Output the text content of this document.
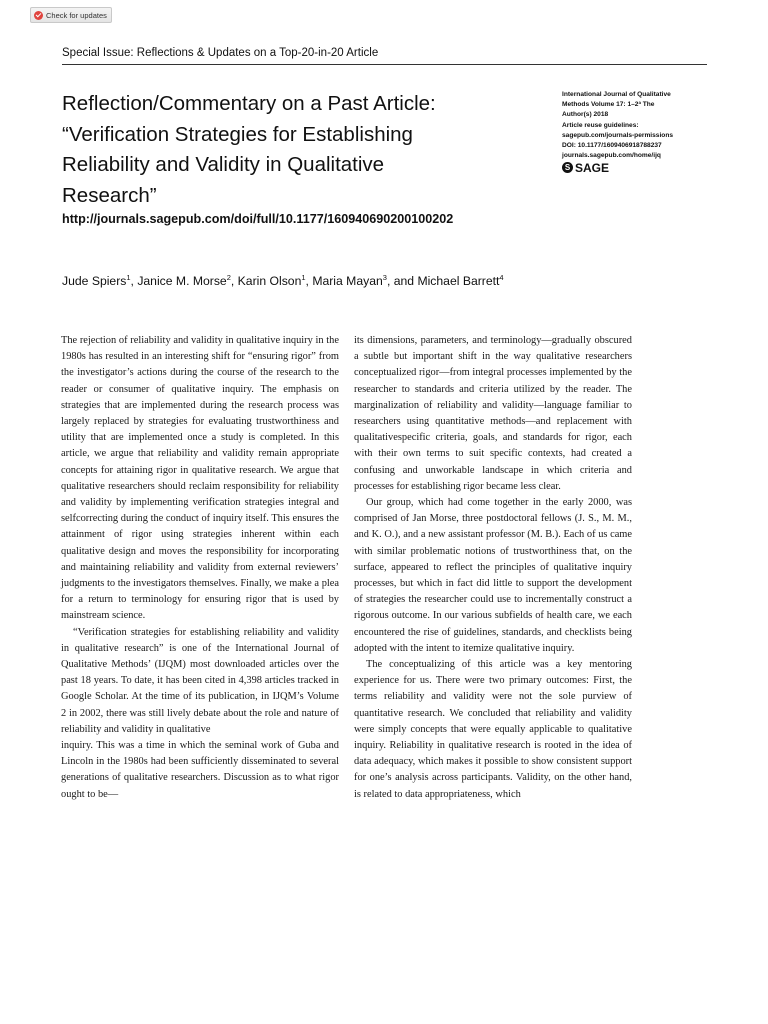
Check for updates
Special Issue: Reflections & Updates on a Top-20-in-20 Article
Reflection/Commentary on a Past Article: “Verification Strategies for Establishing Reliability and Validity in Qualitative Research”
http://journals.sagepub.com/doi/full/10.1177/160940690200100202
International Journal of Qualitative
Methods Volume 17: 1–2ª The
Author(s) 2018
Article reuse guidelines:
sagepub.com/journals-permissions
DOI: 10.1177/1609406918788237
journals.sagepub.com/home/ijq
S SAGE
Jude Spiers$^1$, Janice M. Morse$^2$, Karin Olson$^1$, Maria Mayan$^3$, and Michael Barrett$^4$

The rejection of reliability and validity in qualitative inquiry in the 1980s has resulted in an interesting shift for “ensuring rigor” from the investigator’s actions during the course of the research to the reader or consumer of qualitative inquiry. The emphasis on strategies that are implemented during the research process was largely replaced by strategies for evaluating trustworthiness and utility that are implemented once a study is completed. In this article, we argue that reliability and validity remain appropriate concepts for attaining rigor in qualitative research. We argue that qualitative researchers should reclaim responsibility for reliability and validity by implementing verification strategies integral and selfcorrecting during the conduct of inquiry itself. This ensures the attainment of rigor using strategies inherent within each qualitative design and moves the responsibility for incorporating and maintaining reliability and validity from external reviewers’ judgments to the investigators themselves. Finally, we make a plea for a return to terminology for ensuring rigor that is used by mainstream science.

“Verification strategies for establishing reliability and validity in qualitative research” is one of the International Journal of Qualitative Methods’ (IJQM) most downloaded articles over the past 18 years. To date, it has been cited in 4,398 articles tracked in Google Scholar. At the time of its publication, in IJQM’s Volume 2 in 2002, there was still lively debate about the role and nature of reliability and validity in qualitative

inquiry. This was a time in which the seminal work of Guba and Lincoln in the 1980s had been sufficiently disseminated to several generations of qualitative researchers. Discussion as to what rigor ought to be—

its dimensions, parameters, and terminology—gradually obscured a subtle but important shift in the way qualitative researchers conceptualized rigor—from integral processes implemented by the researcher to standards and criteria utilized by the reader. The marginalization of reliability and validity—language familiar to researchers using quantitative methods—and replacement with qualitativespecific criteria, goals, and standards for rigor, each with their own terms to suit specific contexts, had created a confusing and unworkable landscape in which criteria and processes for establishing rigor became less clear.

Our group, which had come together in the early 2000, was comprised of Jan Morse, three postdoctoral fellows (J. S., M. M., and K. O.), and a new assistant professor (M. B.). Each of us came with similar problematic notions of trustworthiness that, on the surface, appeared to reflect the principles of qualitative inquiry processes, but which in fact did little to support the development of strategies the researcher could use to incrementally construct a rigorous outcome. In our various subfields of health care, we each encountered the rise of guidelines, standards, and checklists being adopted with the intent to itemize qualitative inquiry.

The conceptualizing of this article was a key mentoring experience for us. There were two primary outcomes: First, the terms reliability and validity were not the sole purview of quantitative research. We concluded that reliability and validity were simply concepts that were equally applicable to qualitative inquiry. Reliability in qualitative research is rooted in the idea of data adequacy, which makes it possible to show consistent support for one’s analysis across participants. Validity, on the other hand, is related to data appropriateness, which
